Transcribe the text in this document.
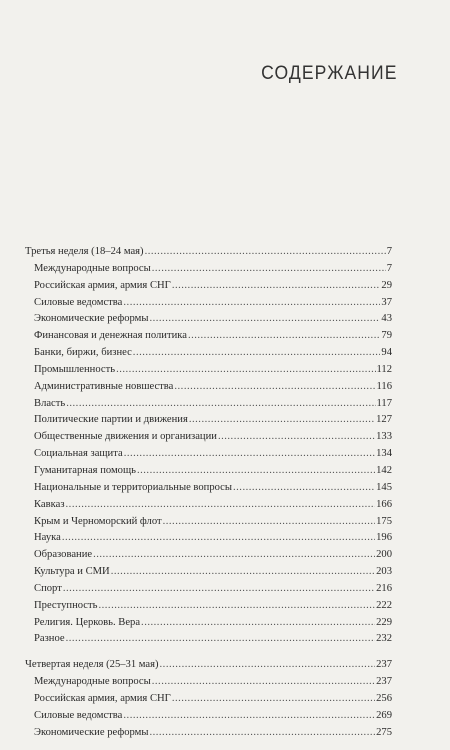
СОДЕРЖАНИЕ
Третья неделя (18–24 мая) .....	7
Международные вопросы .....	7
Российская армия, армия СНГ .....	29
Силовые ведомства .....	37
Экономические реформы .....	43
Финансовая и денежная политика .....	79
Банки, биржи, бизнес .....	94
Промышленность .....	112
Административные новшества .....	116
Власть .....	117
Политические партии и движения .....	127
Общественные движения и организации .....	133
Социальная защита .....	134
Гуманитарная помощь .....	142
Национальные и территориальные вопросы .....	145
Кавказ .....	166
Крым и Черноморский флот .....	175
Наука .....	196
Образование .....	200
Культура и СМИ .....	203
Спорт .....	216
Преступность .....	222
Религия. Церковь. Вера .....	229
Разное .....	232
Четвертая неделя (25–31 мая) .....	237
Международные вопросы .....	237
Российская армия, армия СНГ .....	256
Силовые ведомства .....	269
Экономические реформы .....	275
